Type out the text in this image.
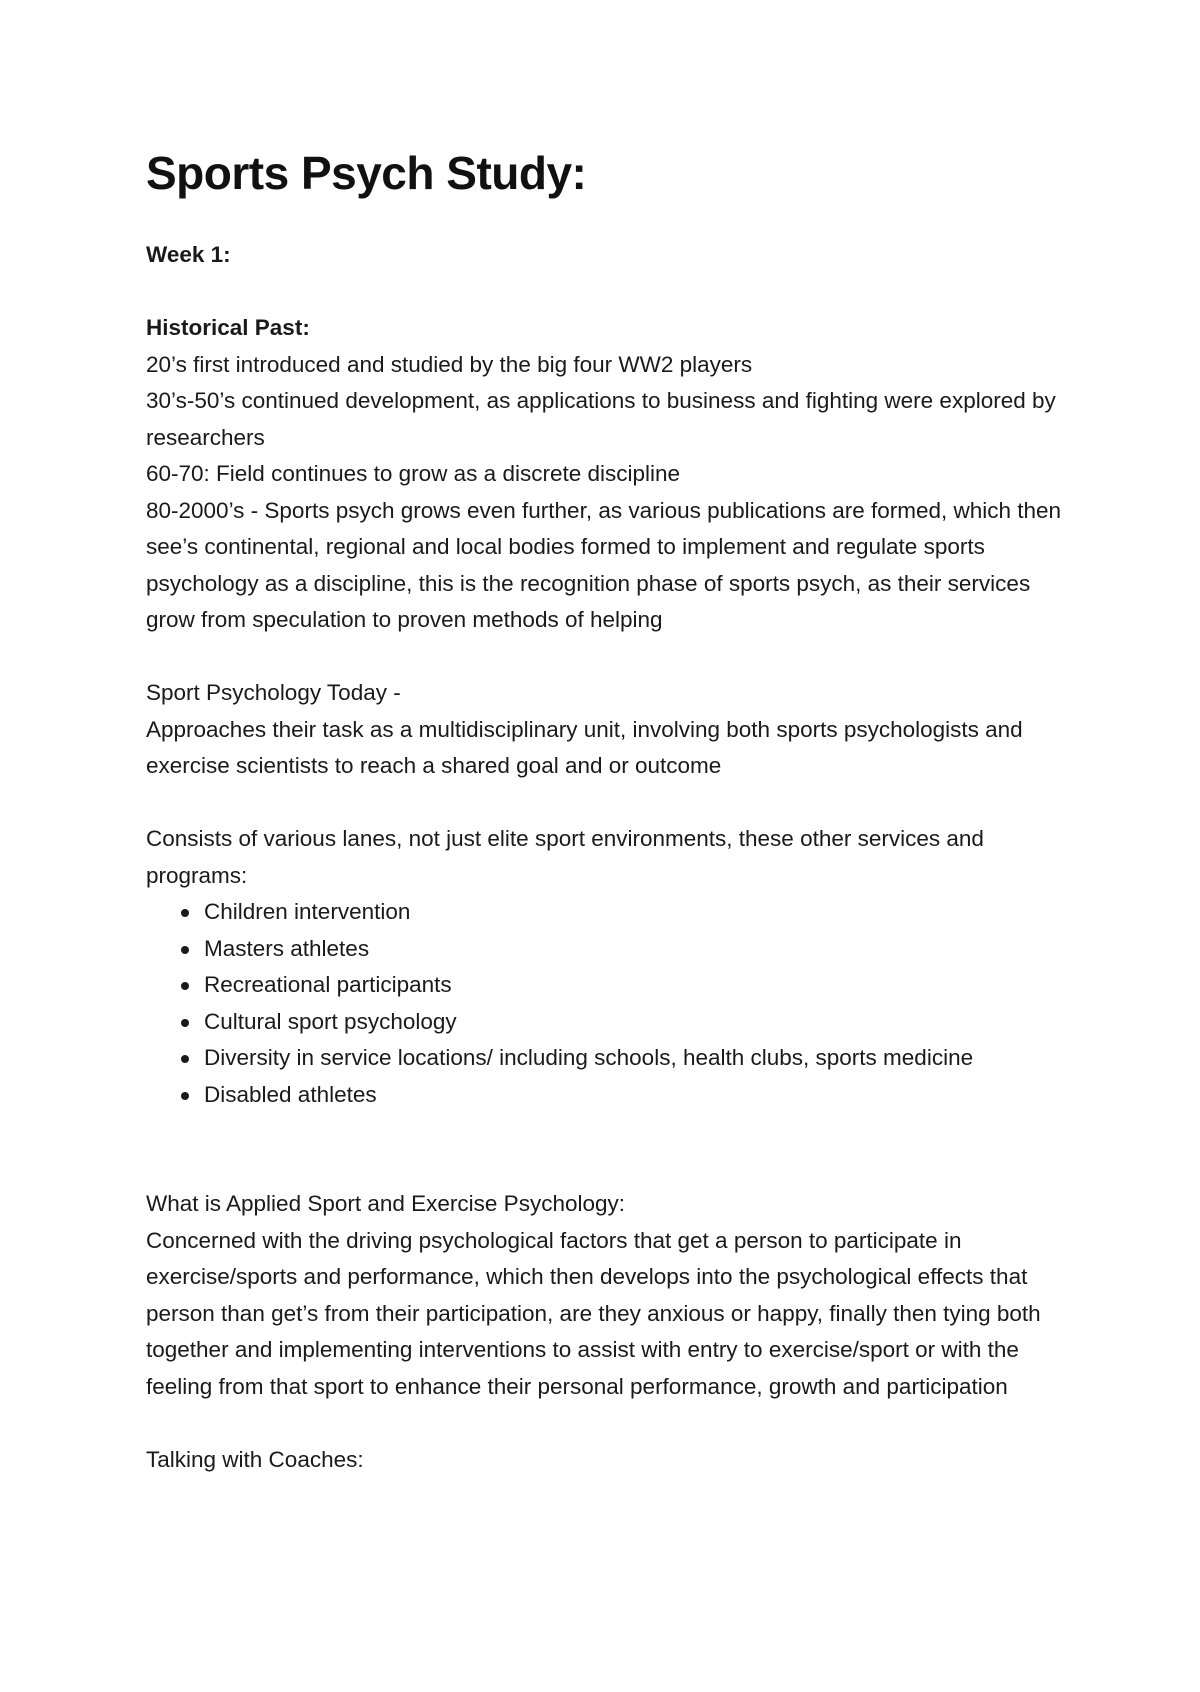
Sports Psych Study:

Week 1:

Historical Past:

20’s first introduced and studied by the big four WW2 players

30’s-50’s continued development, as applications to business and fighting were explored by researchers

60-70: Field continues to grow as a discrete discipline

80-2000’s - Sports psych grows even further, as various publications are formed, which then see’s continental, regional and local bodies formed to implement and regulate sports psychology as a discipline, this is the recognition phase of sports psych, as their services grow from speculation to proven methods of helping

Sport Psychology Today -

Approaches their task as a multidisciplinary unit, involving both sports psychologists and exercise scientists to reach a shared goal and or outcome

Consists of various lanes, not just elite sport environments, these other services and programs:

Children intervention
Masters athletes
Recreational participants
Cultural sport psychology
Diversity in service locations/ including schools, health clubs, sports medicine
Disabled athletes

What is Applied Sport and Exercise Psychology:

Concerned with the driving psychological factors that get a person to participate in exercise/sports and performance, which then develops into the psychological effects that person than get’s from their participation, are they anxious or happy, finally then tying both together and implementing interventions to assist with entry to exercise/sport or with the feeling from that sport to enhance their personal performance, growth and participation

Talking with Coaches:
